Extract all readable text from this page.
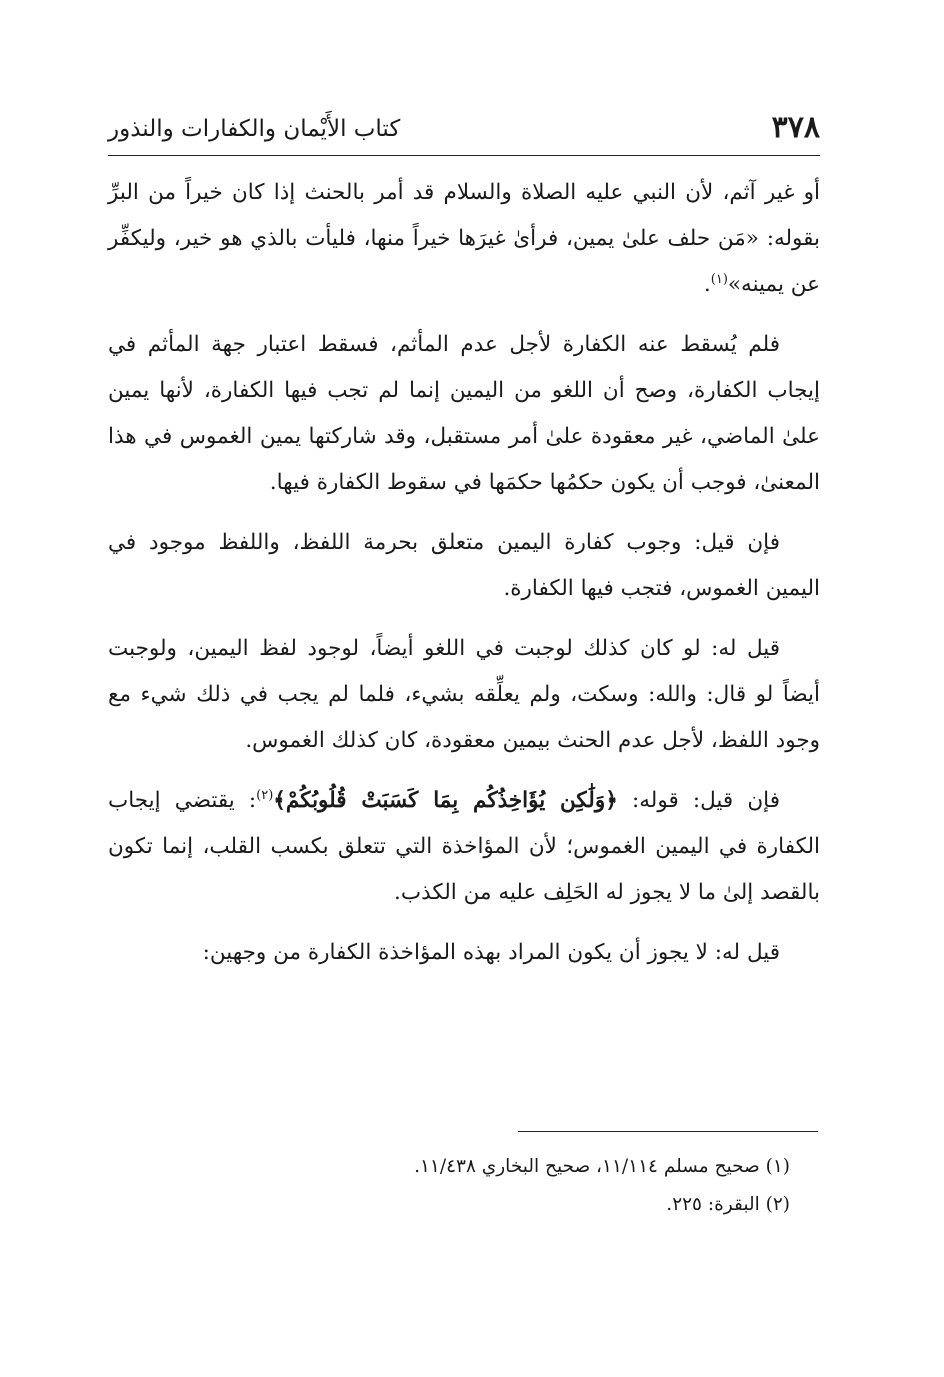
٣٧٨
كتاب الأَيْمان والكفارات والنذور

أو غير آثم، لأن النبي عليه الصلاة والسلام قد أمر بالحنث إذا كان خيراً من البرِّ بقوله: «مَن حلف علىٰ يمين، فرأىٰ غيرَها خيراً منها، فليأت بالذي هو خير، وليكفِّر عن يمينه»$^{(١)}$.

فلم يُسقط عنه الكفارة لأجل عدم المأثم، فسقط اعتبار جهة المأثم في إيجاب الكفارة، وصح أن اللغو من اليمين إنما لم تجب فيها الكفارة، لأنها يمين علىٰ الماضي، غير معقودة علىٰ أمر مستقبل، وقد شاركتها يمين الغموس في هذا المعنىٰ، فوجب أن يكون حكمُها حكمَها في سقوط الكفارة فيها.

فإن قيل: وجوب كفارة اليمين متعلق بحرمة اللفظ، واللفظ موجود في اليمين الغموس، فتجب فيها الكفارة.

قيل له: لو كان كذلك لوجبت في اللغو أيضاً، لوجود لفظ اليمين، ولوجبت أيضاً لو قال: والله: وسكت، ولم يعلِّقه بشيء، فلما لم يجب في ذلك شيء مع وجود اللفظ، لأجل عدم الحنث بيمين معقودة، كان كذلك الغموس.

فإن قيل: قوله: ﴿وَلَٰكِن يُؤَاخِذُكُم بِمَا كَسَبَتْ قُلُوبُكُمْ﴾$^{(٢)}$: يقتضي إيجاب الكفارة في اليمين الغموس؛ لأن المؤاخذة التي تتعلق بكسب القلب، إنما تكون بالقصد إلىٰ ما لا يجوز له الحَلِف عليه من الكذب.

قيل له: لا يجوز أن يكون المراد بهذه المؤاخذة الكفارة من وجهين:

(١) صحيح مسلم ١١/١١٤، صحيح البخاري ١١/٤٣٨.

(٢) البقرة: ٢٢٥.
